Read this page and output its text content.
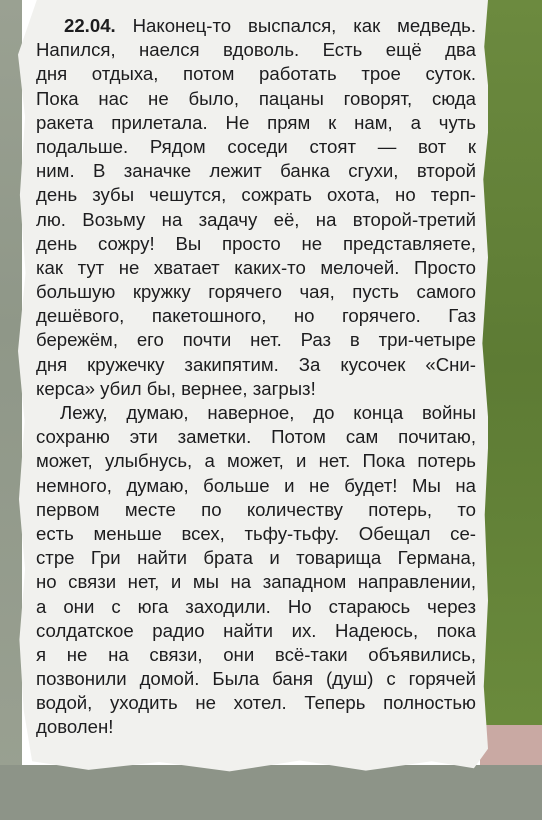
22.04. Наконец-то выспался, как медведь.
Напился, наелся вдоволь. Есть ещё два
дня отдыха, потом работать трое суток.
Пока нас не было, пацаны говорят, сюда
ракета прилетала. Не прям к нам, а чуть
подальше. Рядом соседи стоят — вот к
ним. В заначке лежит банка сгухи, второй
день зубы чешутся, сожрать охота, но терп-
лю. Возьму на задачу её, на второй-третий
день сожру! Вы просто не представляете,
как тут не хватает каких-то мелочей. Просто
большую кружку горячего чая, пусть самого
дешёвого, пакетошного, но горячего. Газ
бережём, его почти нет. Раз в три-четыре
дня кружечку закипятим. За кусочек «Сни-
керса» убил бы, вернее, загрыз!
Лежу, думаю, наверное, до конца войны
сохраню эти заметки. Потом сам почитаю,
может, улыбнусь, а может, и нет. Пока потерь
немного, думаю, больше и не будет! Мы на
первом месте по количеству потерь, то
есть меньше всех, тьфу-тьфу. Обещал се-
стре Гри найти брата и товарища Германа,
но связи нет, и мы на западном направлении,
а они с юга заходили. Но стараюсь через
солдатское радио найти их. Надеюсь, пока
я не на связи, они всё-таки объявились,
позвонили домой. Была баня (душ) с горячей
водой, уходить не хотел. Теперь полностью
доволен!
